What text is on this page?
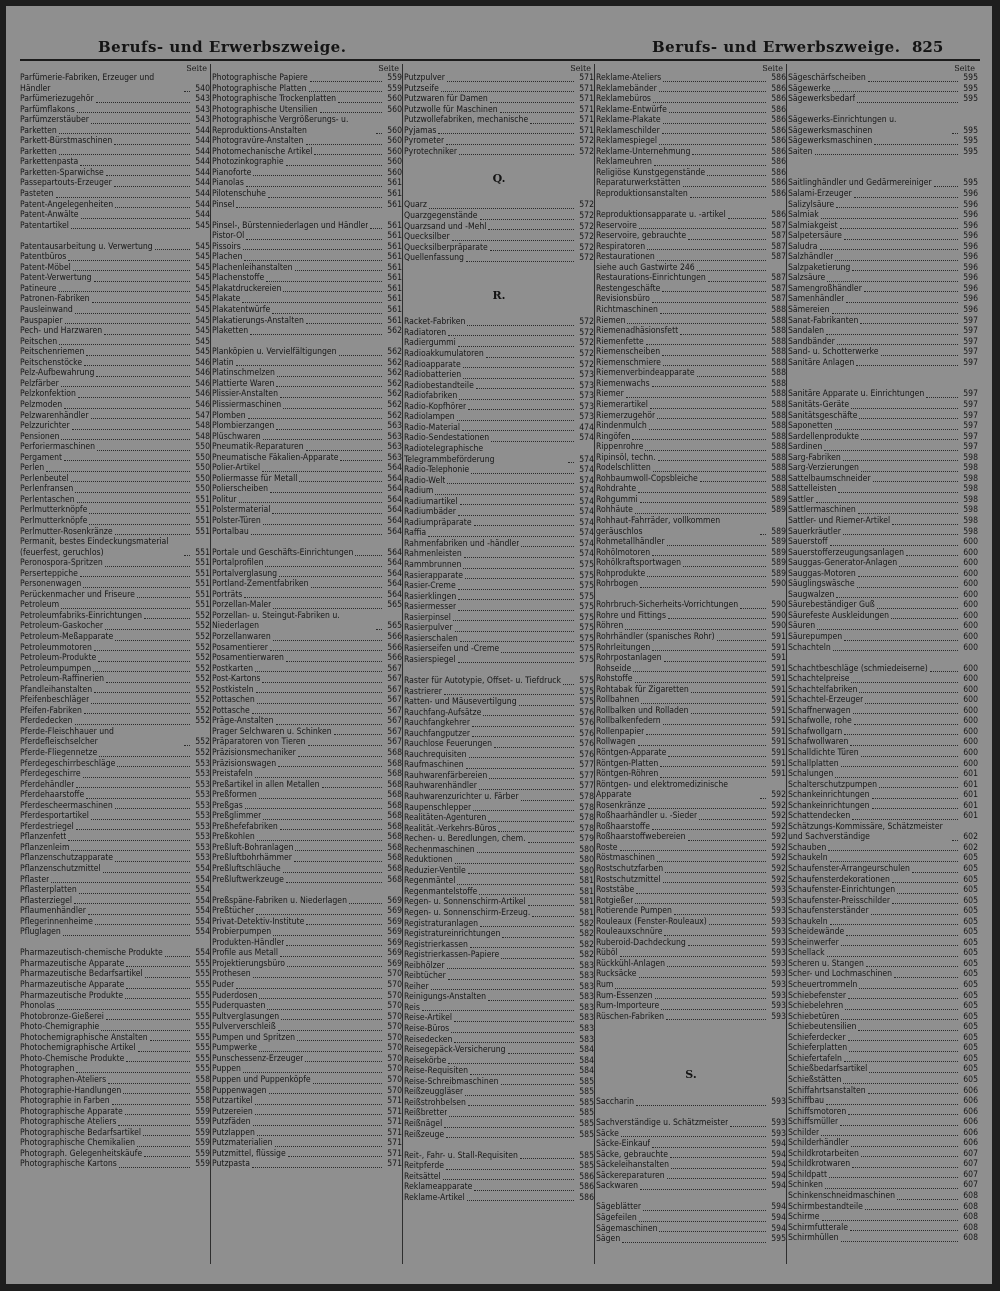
Berufs- und Erwerbszweige.	Berufs- und Erwerbszweige. 825
Seite
Parfümerie-Fabriken, Erzeuger und Händler	540
Parfümeriezugehör	543
Parfümflakons	543
Parfümzerstäuber	543
Parketten	544
Parkett-Bürstmaschinen	544
Parketten	544
Parkettenpasta	544
Parketten-Sparwichse	544
Passepartouts-Erzeuger	544
Pasteten	544
Patent-Angelegenheiten	544
Patent-Anwälte	544
Patentartikel	545
Patentausarbeitung u. Verwertung	545
Patentbüros	545
Patent-Möbel	545
Patent-Verwertung	545
Patineure	545
Patronen-Fabriken	545
Pausleinwand	545
Pauspapier	545
Pech- und Harzwaren	545
Peitschen	545
Peitschenriemen	545
Peitschenstöcke	546
Pelz-Aufbewahrung	546
Pelzfärber	546
Pelzkonfektion	546
Pelzmoden	546
Pelzwarenhändler	547
Pelzzurichter	548
Pensionen	548
Perforiermaschinen	550
Pergament	550
Perlen	550
Perlenbeutel	550
Perlenfransen	550
Perlentaschen	551
Perlmutterknöpfe	551
Perlmutterknöpfe	551
Perlmutter-Rosenkränze	551
Permanit, bestes Eindeckungsmaterial (feuerfest, geruchlos)	551
Peronospora-Spritzen	551
Perserteppiche	551
Personenwagen	551
Perückenmacher und Friseure	551
Petroleum	551
Petroleumfabriks-Einrichtungen	552
Petroleum-Gaskocher	552
Petroleum-Meßapparate	552
Petroleummotoren	552
Petroleum-Produkte	552
Petroleumpumpen	552
Petroleum-Raffinerien	552
Pfandleihanstalten	552
Pfeifenbeschläger	552
Pfeifen-Fabriken	552
Pferdedecken	552
Pferde-Fleischhauer und Pferdefleischselcher	552
Pferde-Fliegennetze	552
Pferdegeschirrbeschläge	553
Pferdegeschirre	553
Pferdehändler	553
Pferdehaarstoffe	553
Pferdescheermaschinen	553
Pferdesportartikel	553
Pferdestriegel	553
Pflanzenfett	553
Pflanzenleim	553
Pflanzenschutzapparate	553
Pflanzenschutzmittel	554
Pflaster	554
Pflasterplatten	554
Pflasterziegel	554
Pflaumenhändler	554
Pflegerinnenheime	554
Pfluglagen	554
Pharmazeutisch-chemische Produkte	554
Pharmazeutische Apparate	555
Pharmazeutische Bedarfsartikel	555
Pharmazeutische Apparate	555
Pharmazeutische Produkte	555
Phonolas	555
Photobronze-Gießerei	555
Photo-Chemigraphie	555
Photochemigraphische Anstalten	555
Photochemigraphische Artikel	555
Photo-Chemische Produkte	555
Photographen	555
Photographen-Ateliers	558
Photographie-Handlungen	558
Photographie in Farben	558
Photographische Apparate	559
Photographische Ateliers	559
Photographische Bedarfsartikel	559
Photographische Chemikalien	559
Photograph. Gelegenheitskäufe	559
Photographische Kartons	559
Seite
Photographische Papiere	559
Photographische Platten	559
Photographische Trockenplatten	560
Photographische Utensilien	560
Photographische Vergrößerungs- u. Reproduktions-Anstalten	560
Photogravüre-Anstalten	560
Photomechanische Artikel	560
Photozinkographie	560
Pianoforte	560
Pianolas	561
Pilotenschuhe	561
Pinsel	561
Pinsel-, Bürstenniederlagen und Händler	561
Pistor-Öl	561
Pissoirs	561
Plachen	561
Plachenleihanstalten	561
Plachenstoffe	561
Plakatdruckereien	561
Plakate	561
Plakatentwürfe	561
Plakatierungs-Anstalten	561
Plaketten	562
Planköpien u. Vervielfältigungen	562
Platin	562
Platinschmelzen	562
Plattierte Waren	562
Plissier-Anstalten	562
Plissiermaschinen	562
Plomben	562
Plombierzangen	563
Plüschwaren	563
Pneumatik-Reparaturen	563
Pneumatische Fäkalien-Apparate	563
Polier-Artikel	564
Poliermasse für Metall	564
Polierscheiben	564
Politur	564
Polstermaterial	564
Polster-Türen	564
Portalbau	564
Portale und Geschäfts-Einrichtungen	564
Portalprofilen	564
Portalverglasung	564
Portland-Zementfabriken	564
Porträts	564
Porzellan-Maler	565
Porzellan- u. Steingut-Fabriken u. Niederlagen	565
Porzellanwaren	566
Posamentierer	566
Posamentierwaren	566
Postkarten	567
Post-Kartons	567
Postkisteln	567
Pottaschen	567
Pottasche	567
Präge-Anstalten	567
Prager Selchwaren u. Schinken	567
Präparatoren von Tieren	567
Präzisionsmechaniker	568
Präzisionswagen	568
Preistafeln	568
Preßartikel in allen Metallen	568
Preßformen	568
Preßgas	568
Preßglimmer	568
Preßhefefabriken	568
Preßkohlen	568
Preßluft-Bohranlagen	568
Preßluftbohrhämmer	568
Preßluftschläuche	568
Preßluftwerkzeuge	568
Preßspäne-Fabriken u. Niederlagen	569
Preßtücher	569
Privat-Detektiv-Institute	569
Probierpumpen	569
Produkten-Händler	569
Profile aus Metall	569
Projektierungsbüro	569
Prothesen	570
Puder	570
Puderdosen	570
Puderquasten	570
Pultverglasungen	570
Pulververschleiß	570
Pumpen und Spritzen	570
Pumpwerke	570
Punschessenz-Erzeuger	570
Puppen	570
Puppen und Puppenköpfe	570
Puppenwagen	570
Putzartikel	571
Putzereien	571
Putzfäden	571
Putzlappen	571
Putzmaterialien	571
Putzmittel, flüssige	571
Putzpasta	571
Seite
Putzpulver	571
Putzseife	571
Putzwaren für Damen	571
Putzwolle für Maschinen	571
Putzwollefabriken, mechanische	571
Pyjamas	571
Pyrometer	572
Pyrotechniker	572
Q.
Quarz	572
Quarzgegenstände	572
Quarzsand und -Mehl	572
Quecksilber	572
Quecksilberpräparate	572
Quellenfassung	572
R.
Racket-Fabriken	572
Radiatoren	572
Radiergummi	572
Radioakkumulatoren	572
Radioapparate	572
Radiobatterien	573
Radiobestandteile	573
Radiofabriken	573
Radio-Kopfhörer	573
Radiolampen	573
Radio-Material	474
Radio-Sendestationen	574
Radiotelegraphische Telegrammbeförderung	574
Radio-Telephonie	574
Radio-Welt	574
Radium	574
Radiumartikel	574
Radiumbäder	574
Radiumpräparate	574
Raffia	574
Rahmenfabriken und -händler	574
Rahmenleisten	574
Rammbrunnen	575
Rasierapparate	575
Rasier-Creme	575
Rasierklingen	575
Rasiermesser	575
Rasierpinsel	575
Rasierpulver	575
Rasierschalen	575
Rasierseifen und -Creme	575
Rasierspiegel	575
Raster für Autotypie, Offset- u. Tiefdruck	575
Rastrierer	575
Ratten- und Mäusevertilgung	575
Rauchfang-Aufsätze	576
Rauchfangkehrer	576
Rauchfangputzer	576
Rauchlose Feuerungen	576
Rauchrequisiten	576
Raufmaschinen	577
Rauhwarenfärbereien	577
Rauhwarenhändler	577
Rauhwarenzurichter u. Färber	578
Raupenschlepper	578
Realitäten-Agenturen	578
Realität.-Verkehrs-Büros	578
Rechen- u. Beredlungen, chem.	579
Rechenmaschinen	580
Reduktionen	580
Reduzier-Ventile	580
Regenmäntel	581
Regenmantelstoffe	581
Regen- u. Sonnenschirm-Artikel	581
Regen- u. Sonnenschirm-Erzeug.	581
Registraturanlagen	582
Registratureinrichtungen	582
Registrierkassen	582
Registrierkassen-Papiere	582
Reibhölzer	583
Reibtücher	583
Reiher	583
Reinigungs-Anstalten	583
Reis	583
Reise-Artikel	583
Reise-Büros	583
Reisedecken	583
Reisegepäck-Versicherung	584
Reisekörbe	584
Reise-Requisiten	584
Reise-Schreibmaschinen	585
Reißzeuggläser	585
Reißstrohbelsen	585
Reißbretter	585
Reißnägel	585
Reißzeuge	585
Reit-, Fahr- u. Stall-Requisiten	585
Reitpferde	585
Reitsättel	586
Reklameapparate	586
Reklame-Artikel	586
Seite
Reklame-Ateliers	586
Reklamebänder	586
Reklamebüros	586
Reklame-Entwürfe	586
Reklame-Plakate	586
Reklameschilder	586
Reklamespiegel	586
Reklame-Unternehmung	586
Reklameuhren	586
Religiöse Kunstgegenstände	586
Reparaturwerkstätten	586
Reproduktionsanstalten	586
Reproduktionsapparate u. -artikel	586
Reservoire	587
Reservoire, gebrauchte	587
Respiratoren	587
Restaurationen	587
siehe auch Gastwirte 246
Restaurations-Einrichtungen	587
Restengeschäfte	587
Revisionsbüro	587
Richtmaschinen	588
Riemen	588
Riemenadhäsionsfett	588
Riemenfette	588
Riemenscheiben	588
Riemenschmiere	588
Riemenverbindeapparate	588
Riemenwachs	588
Riemer	588
Riemerartikel	588
Riemerzugehör	588
Rindenmulch	588
Ringöfen	588
Rippenrohre	588
Ripinsöl, techn.	588
Rodelschlitten	588
Rohbaumwoll-Copsbleiche	588
Rohdrahte	588
Rohgummi	589
Rohhäute	589
Rohhaut-Fahrräder, vollkommen geräuschlos	589
Rohmetallhändler	589
Rohölmotoren	589
Rohölkraftsportwagen	589
Rohprodukte	589
Rohrbogen	590
Rohrbruch-Sicherheits-Vorrichtungen	590
Rohre und Fittings	590
Röhren	590
Rohrhändler (spanisches Rohr)	591
Rohrleitungen	591
Rohrpostanlagen	591
Rohseide	591
Rohstoffe	591
Rohtabak für Zigaretten	591
Rollbahnen	591
Rollbalken und Rolladen	591
Rollbalkenfedern	591
Rollenpapier	591
Rollwagen	591
Röntgen-Apparate	591
Röntgen-Platten	591
Röntgen-Röhren	591
Röntgen- und elektromedizinische Apparate	592
Rosenkränze	592
Roßhaarhändler u. -Sieder	592
Roßhaarstoffe	592
Roßhaarstoffwebereien	592
Roste	592
Röstmaschinen	592
Rostschutzfarben	592
Rostschutzmittel	592
Roststäbe	593
Rotgießer	593
Rotierende Pumpen	593
Rouleaux (Fenster-Rouleaux)	593
Rouleauxschnüre	593
Ruberoid-Dachdeckung	593
Rüböl	593
Rückkühl-Anlagen	593
Rucksäcke	593
Rum	593
Rum-Essenzen	593
Rum-Importeure	593
Rüschen-Fabriken	593
S.
Saccharin	593
Sachverständige u. Schätzmeister	593
Säcke	593
Säcke-Einkauf	594
Säcke, gebrauchte	594
Säckeleihanstalten	594
Säckereparaturen	594
Sackwaren	594
Sägeblätter	594
Sägefeilen	594
Sägemaschinen	594
Sägen	595
Seite
Sägeschärfscheiben	595
Sägewerke	595
Sägewerksbedarf	595
Sägewerks-Einrichtungen u. Sägewerksmaschinen	595
Sägewerksmaschinen	595
Saiten	595
Saitlinghändler und Gedärmereiniger	595
Salami-Erzeuger	596
Salizylsäure	596
Salmiak	596
Salmiakgeist	596
Salpetersäure	596
Saludra	596
Salzhändler	596
Salzpaketierung	596
Salzsäure	596
Samengroßhändler	596
Samenhändler	596
Sämereien	596
Sanat-Fabrikanten	597
Sandalen	597
Sandbänder	597
Sand- u. Schotterwerke	597
Sanitäre Anlagen	597
Sanitäre Apparate u. Einrichtungen	597
Sanitäts-Geräte	597
Sanitätsgeschäfte	597
Saponetten	597
Sardellenprodukte	597
Sardinen	597
Sarg-Fabriken	598
Sarg-Verzierungen	598
Sattelbaumschneider	598
Sattelleisten	598
Sattler	598
Sattlermaschinen	598
Sattler- und Riemer-Artikel	598
Sauerkräutler	598
Sauerstoff	600
Sauerstofferzeugungsanlagen	600
Sauggas-Generator-Anlagen	600
Sauggas-Motoren	600
Säuglingswäsche	600
Saugwalzen	600
Säurebeständiger Guß	600
Säurefeste Auskleidungen	600
Säuren	600
Säurepumpen	600
Schachteln	600
Schachtbeschläge (schmiedeiserne)	600
Schachtelpreise	600
Schachtelfabriken	600
Schachtel-Erzeuger	600
Schaffnerwagen	600
Schafwolle, rohe	600
Schafwollgarn	600
Schafwollwaren	600
Schalldichte Türen	600
Schallplatten	600
Schalungen	601
Schalterschutzpumpen	601
Schankeinrichtungen	601
Schankeinrichtungen	601
Schattendecken	601
Schätzungs-Kommissäre, Schätzmeister und Sachverständige	602
Schauben	602
Schaukeln	605
Schaufenster-Arrangeurschulen	605
Schaufensterdekorationen	605
Schaufenster-Einrichtungen	605
Schaufenster-Preisschilder	605
Schaufensterständer	605
Schaukeln	605
Scheidewände	605
Scheinwerfer	605
Schellack	605
Scheren u. Stangen	605
Scher- und Lochmaschinen	605
Scheuertrommeln	605
Schiebefenster	605
Schiebelehren	605
Schiebetüren	605
Schiebeutensilien	605
Schieferdecker	605
Schieferplatten	605
Schiefertafeln	605
Schießbedarfsartikel	605
Schießstätten	605
Schiffahrtsanstalten	606
Schiffbau	606
Schiffsmotoren	606
Schiffsmüller	606
Schilder	606
Schilderhändler	606
Schildkrotarbeiten	607
Schildkrotwaren	607
Schildpatt	607
Schinken	607
Schinkenschneidmaschinen	608
Schirmbestandteile	608
Schirme	608
Schirmfutterale	608
Schirmhüllen	608
